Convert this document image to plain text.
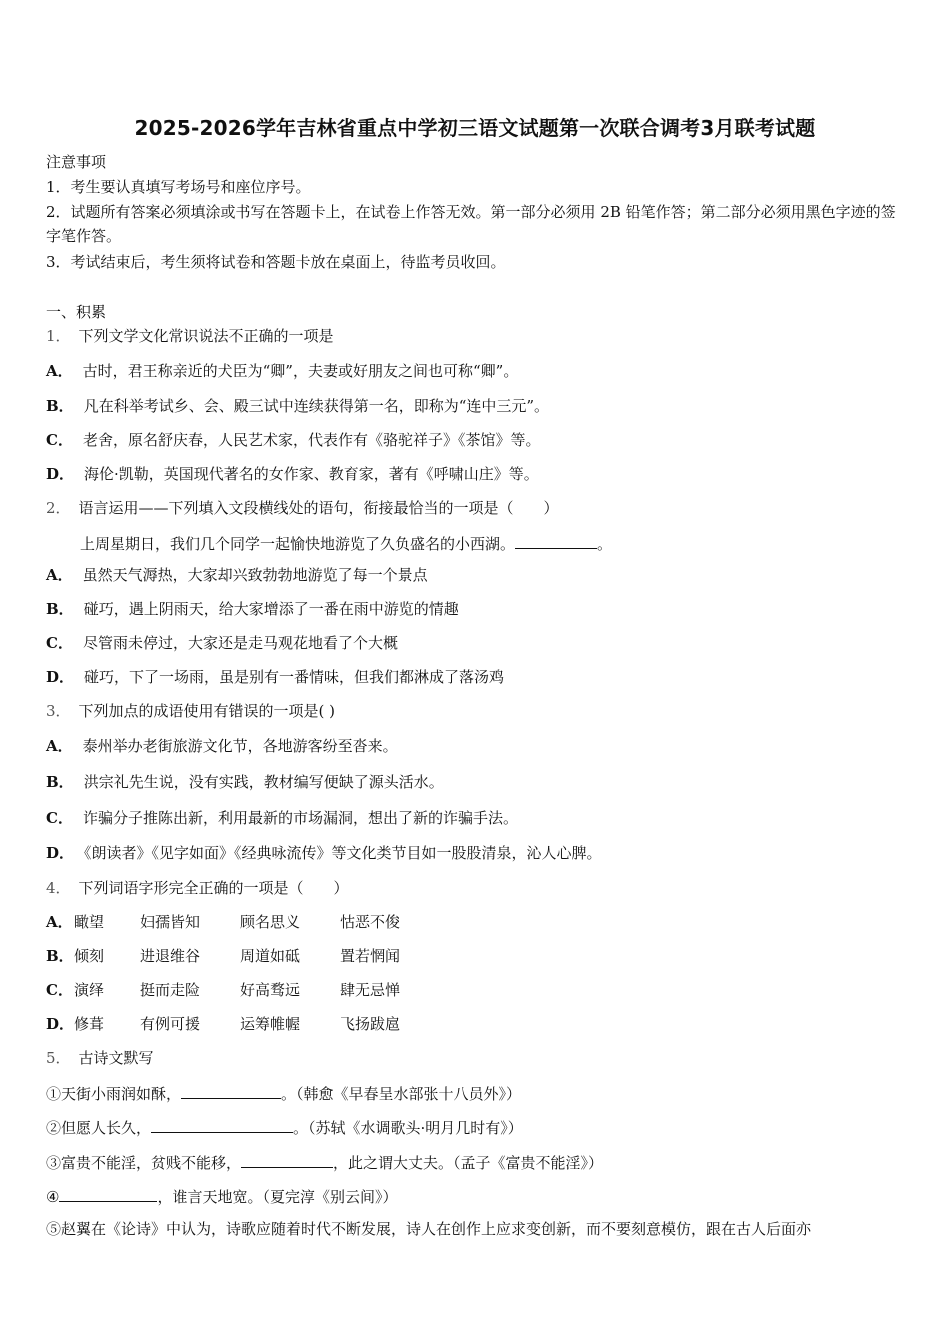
2025-2026学年吉林省重点中学初三语文试题第一次联合调考3月联考试题
注意事项
1．考生要认真填写考场号和座位序号。
2．试题所有答案必须填涂或书写在答题卡上，在试卷上作答无效。第一部分必须用 2B 铅笔作答；第二部分必须用黑色字迹的签字笔作答。
3．考试结束后，考生须将试卷和答题卡放在桌面上，待监考员收回。
一、积累
1． 下列文学文化常识说法不正确的一项是
A． 古时，君王称亲近的犬臣为“卿”，夫妻或好朋友之间也可称“卿”。
B． 凡在科举考试乡、会、殿三试中连续获得第一名，即称为“连中三元”。
C． 老舍，原名舒庆春，人民艺术家，代表作有《骆驼祥子》《茶馆》等。
D． 海伦·凯勒，英国现代著名的女作家、教育家，著有《呼啸山庄》等。
2． 语言运用——下列填入文段横线处的语句，衔接最恰当的一项是（　　）
上周星期日，我们几个同学一起愉快地游览了久负盛名的小西湖。	。
A． 虽然天气溽热，大家却兴致勃勃地游览了每一个景点
B． 碰巧，遇上阴雨天，给大家增添了一番在雨中游览的情趣
C． 尽管雨未停过，大家还是走马观花地看了个大概
D． 碰巧，下了一场雨，虽是别有一番情味，但我们都淋成了落汤鸡
3． 下列加点的成语使用有错误的一项是( )
A． 泰州举办老街旅游文化节，各地游客纷至沓来。
B． 洪宗礼先生说，没有实践，教材编写便缺了源头活水。
C． 诈骗分子推陈出新，利用最新的市场漏洞，想出了新的诈骗手法。
D． 《朗读者》《见字如面》《经典咏流传》等文化类节目如一股股清泉，沁人心脾。
4． 下列词语字形完全正确的一项是（　　）
A．瞰望 妇孺皆知	顾名思义	怙恶不俊
B．倾刻 进退维谷	周道如砥	置若惘闻
C．演绎 挺而走险	好高骛远	肆无忌惮
D．修葺 有例可援	运筹帷幄	飞扬跋扈
5． 古诗文默写
①天街小雨润如酥，	。（韩愈《早春呈水部张十八员外》）
②但愿人长久，	。（苏轼《水调歌头·明月几时有》）
③富贵不能淫，贫贱不能移，	，此之谓大丈夫。（孟子《富贵不能淫》）
④	，谁言天地宽。（夏完淳《别云间》）
⑤赵翼在《论诗》中认为，诗歌应随着时代不断发展，诗人在创作上应求变创新，而不要刻意模仿，跟在古人后面亦
